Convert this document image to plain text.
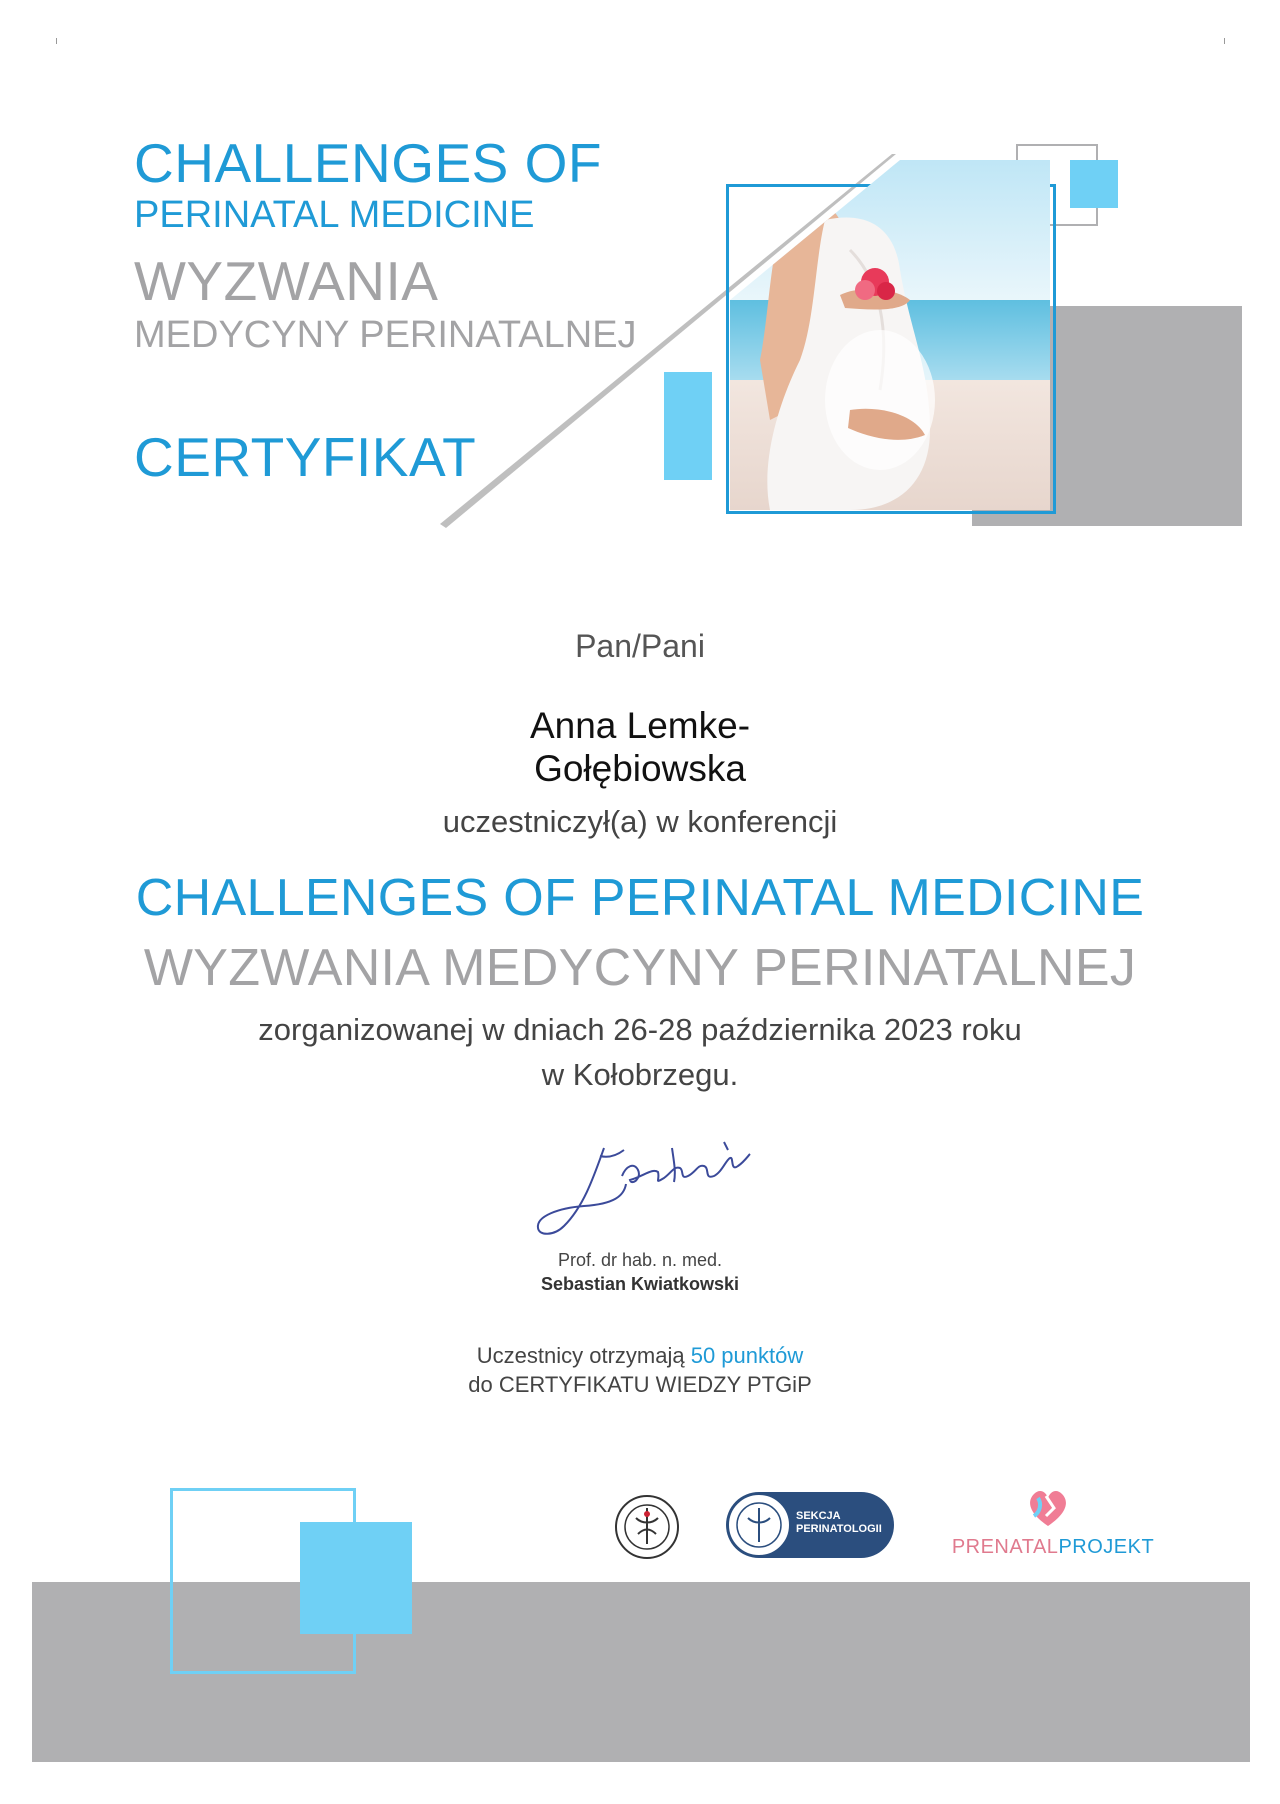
CHALLENGES OF
PERINATAL MEDICINE
WYZWANIA
MEDYCYNY PERINATALNEJ
CERTYFIKAT
Pan/Pani
Anna Lemke-
Gołębiowska
uczestniczył(a) w konferencji
CHALLENGES OF PERINATAL MEDICINE
WYZWANIA MEDYCYNY PERINATALNEJ
zorganizowanej w dniach 26-28 października 2023 roku
w Kołobrzegu.
Prof. dr hab. n. med.
Sebastian Kwiatkowski
Uczestnicy otrzymają 50 punktów
do CERTYFIKATU WIEDZY PTGiP
SEKCJA
PERINATOLOGII
PRENATALPROJEKT
